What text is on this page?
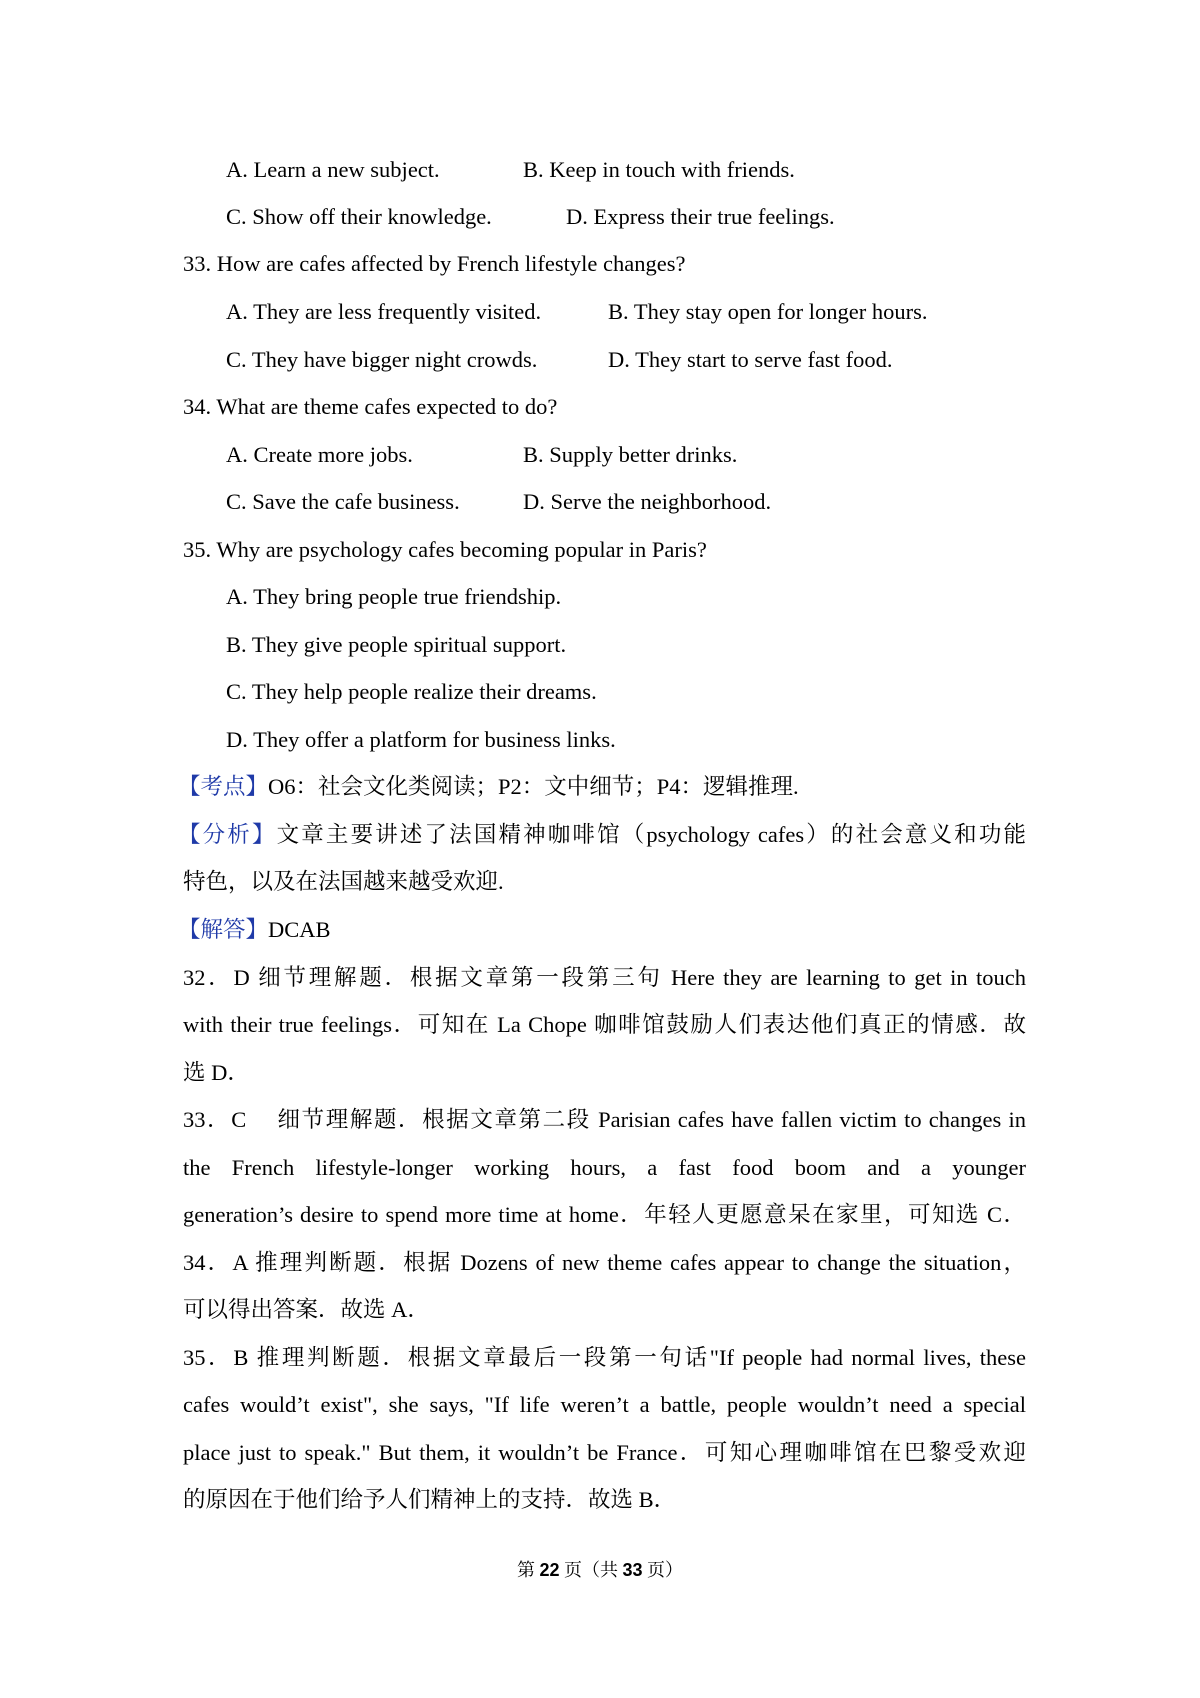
A. Learn a new subject.	B. Keep in touch with friends.
C. Show off their knowledge.	D. Express their true feelings.
33. How are cafes affected by French lifestyle changes?
A. They are less frequently visited.	B. They stay open for longer hours.
C. They have bigger night crowds.	D. They start to serve fast food.
34. What are theme cafes expected to do?
A. Create more jobs.	B. Supply better drinks.
C. Save the cafe business.	D. Serve the neighborhood.
35. Why are psychology cafes becoming popular in Paris?
A. They bring people true friendship.
B. They give people spiritual support.
C. They help people realize their dreams.
D. They offer a platform for business links.
【考点】O6：社会文化类阅读；P2：文中细节；P4：逻辑推理.
【分析】文章主要讲述了法国精神咖啡馆（psychology cafes）的社会意义和功能
特色，以及在法国越来越受欢迎.
【解答】DCAB
32．D 细节理解题．根据文章第一段第三句 Here they are learning to get in touch
with their true feelings．可知在 La Chope 咖啡馆鼓励人们表达他们真正的情感．故
选 D．
33．C 　细节理解题．根据文章第二段 Parisian cafes have fallen victim to changes in
the French lifestyle-longer working hours, a fast food boom and a younger
generation’s desire to spend more time at home．年轻人更愿意呆在家里，可知选 C．
34．A 推理判断题．根据 Dozens of new theme cafes appear to change the situation，
可以得出答案．故选 A．
35．B 推理判断题．根据文章最后一段第一句话"If people had normal lives, these
cafes would’t exist", she says, "If life weren’t a battle, people wouldn’t need a special
place just to speak." But them, it wouldn’t be France．可知心理咖啡馆在巴黎受欢迎
的原因在于他们给予人们精神上的支持．故选 B．
第 22 页（共 33 页）
